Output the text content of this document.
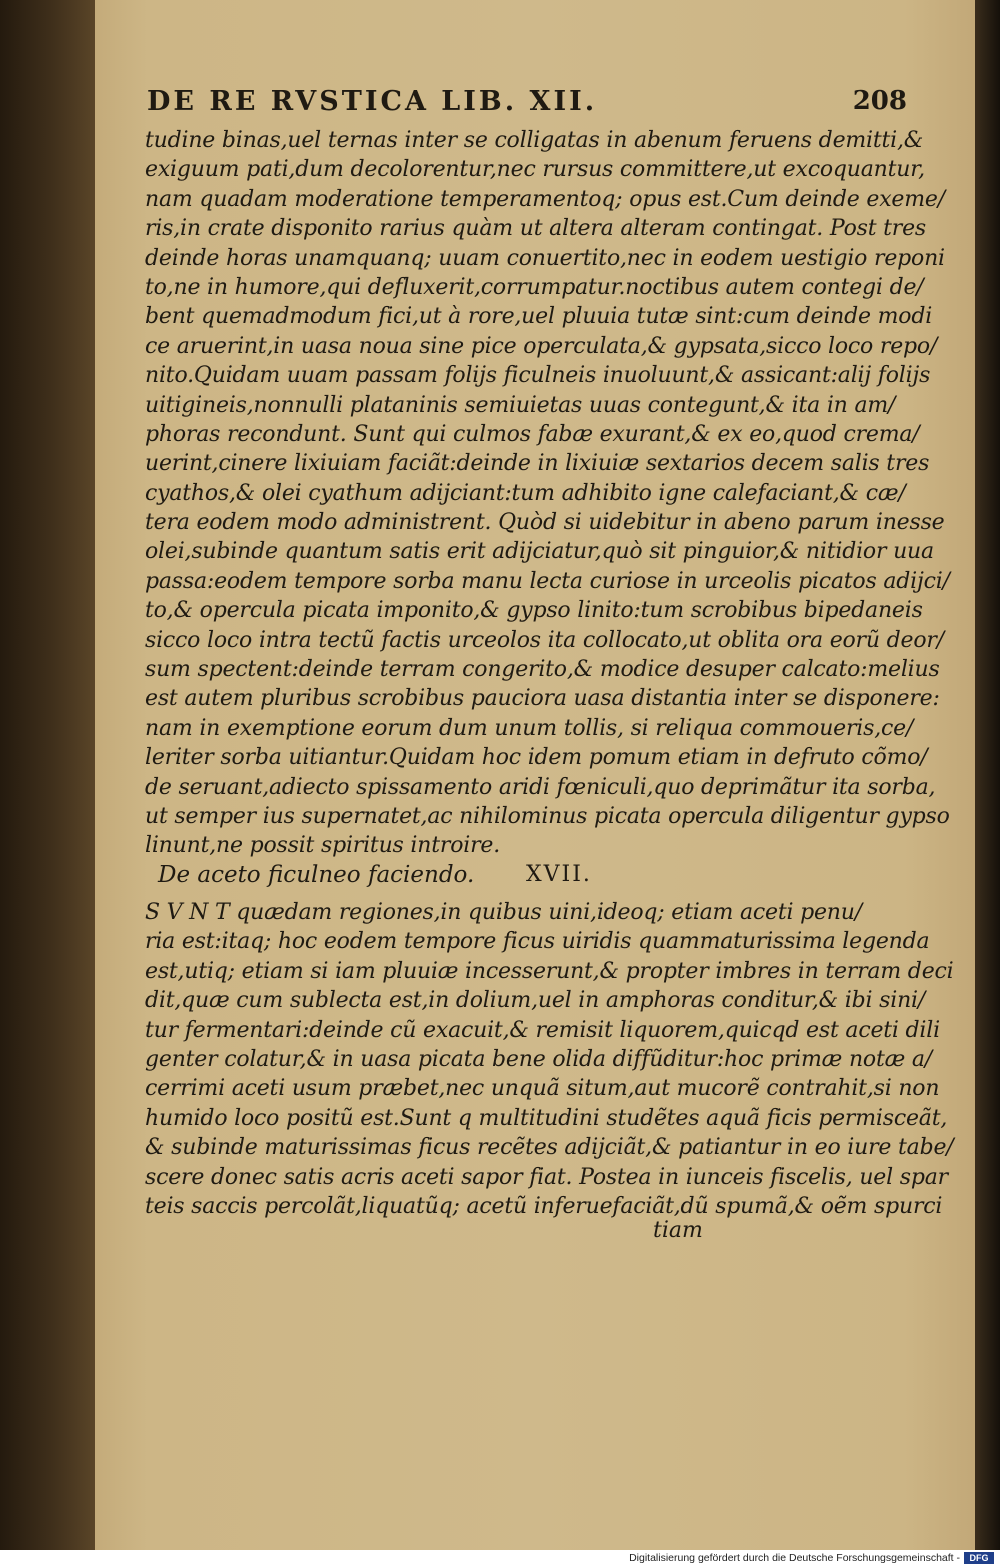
DE RE RVSTICA LIB. XII.	208
tudine binas,uel ternas inter se colligatas in abenum feruens demitti,&
exiguum pati,dum decolorentur,nec rursus committere,ut excoquantur,
nam quadam moderatione temperamentoq; opus est.Cum deinde exeme/
ris,in crate disponito rarius quàm ut altera alteram contingat. Post tres
deinde horas unamquanq; uuam conuertito,nec in eodem uestigio reponi
to,ne in humore,qui defluxerit,corrumpatur.noctibus autem contegi de/
bent quemadmodum fici,ut à rore,uel pluuia tutæ sint:cum deinde modi
ce aruerint,in uasa noua sine pice operculata,& gypsata,sicco loco repo/
nito.Quidam uuam passam folijs ficulneis inuoluunt,& assicant:alij folijs
uitigineis,nonnulli plataninis semiuietas uuas contegunt,& ita in am/
phoras recondunt. Sunt qui culmos fabæ exurant,& ex eo,quod crema/
uerint,cinere lixiuiam faciãt:deinde in lixiuiæ sextarios decem salis tres
cyathos,& olei cyathum adijciant:tum adhibito igne calefaciant,& cæ/
tera eodem modo administrent. Quòd si uidebitur in abeno parum inesse
olei,subinde quantum satis erit adijciatur,quò sit pinguior,& nitidior uua
passa:eodem tempore sorba manu lecta curiose in urceolis picatos adijci/
to,& opercula picata imponito,& gypso linito:tum scrobibus bipedaneis
sicco loco intra tectũ factis urceolos ita collocato,ut oblita ora eorũ deor/
sum spectent:deinde terram congerito,& modice desuper calcato:melius
est autem pluribus scrobibus pauciora uasa distantia inter se disponere:
nam in exemptione eorum dum unum tollis, si reliqua commoueris,ce/
leriter sorba uitiantur.Quidam hoc idem pomum etiam in defruto cõmo/
de seruant,adiecto spissamento aridi fœniculi,quo deprimãtur ita sorba,
ut semper ius supernatet,ac nihilominus picata opercula diligentur gypso
linunt,ne possit spiritus introire.
De aceto ficulneo faciendo. XVII.
S V N T quædam regiones,in quibus uini,ideoq; etiam aceti penu/
ria est:itaq; hoc eodem tempore ficus uiridis quammaturissima legenda
est,utiq; etiam si iam pluuiæ incesserunt,& propter imbres in terram deci
dit,quæ cum sublecta est,in dolium,uel in amphoras conditur,& ibi sini/
tur fermentari:deinde cũ exacuit,& remisit liquorem,quicqd est aceti dili
genter colatur,& in uasa picata bene olida diffũditur:hoc primæ notæ a/
cerrimi aceti usum præbet,nec unquã situm,aut mucorẽ contrahit,si non
humido loco positũ est.Sunt q multitudini studẽtes aquã ficis permisceãt,
& subinde maturissimas ficus recẽtes adijciãt,& patiantur in eo iure tabe/
scere donec satis acris aceti sapor fiat. Postea in iunceis fiscelis, uel spar
teis saccis percolãt,liquatũq; acetũ inferuefaciãt,dũ spumã,& oẽm spurci
tiam
Digitalisierung gefördert durch die Deutsche Forschungsgemeinschaft -	DFG
